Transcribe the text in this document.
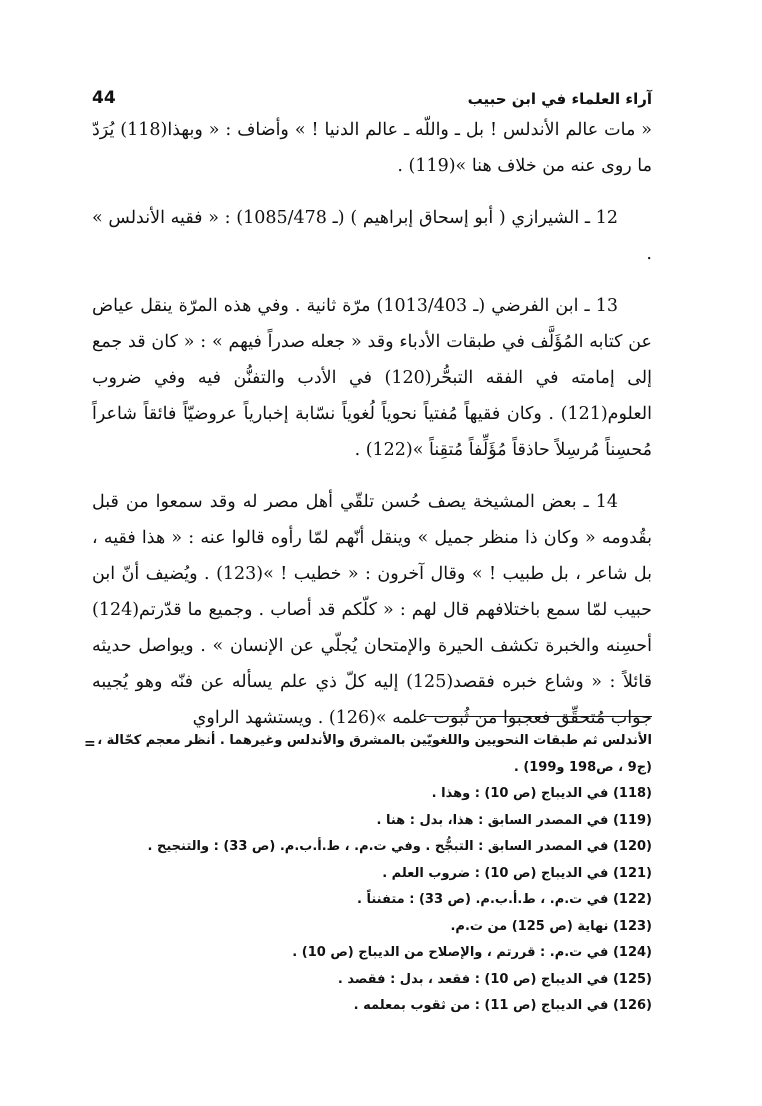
آراء العلماء في ابن حبيب
44

« مات عالم الأندلس ! بل ـ واللّه ـ عالم الدنيا ! » وأضاف : « وبهذا(118) يُرَدّ ما روى عنه من خلاف هنا »(119) .

12 ـ الشيرازي ( أبو إسحاق إبراهيم ) (ـ 1085/478) : « فقيه الأندلس » .

13 ـ ابن الفرضي (ـ 1013/403) مرّة ثانية . وفي هذه المرّة ينقل عياض عن كتابه المُؤَلَّف في طبقات الأدباء وقد « جعله صدراً فيهم » : « كان قد جمع إلى إمامته في الفقه التبحُّر(120) في الأدب والتفنُّن فيه وفي ضروب العلوم(121) . وكان فقيهاً مُفتياً نحوياً لُغوياً نسّابة إخبارياً عروضيّاً فائقاً شاعراً مُحسِناً مُرسِلاً حاذقاً مُؤَلِّفاً مُتقِناً »(122) .

14 ـ بعض المشيخة يصف حُسن تلقّي أهل مصر له وقد سمعوا من قبل بقُدومه « وكان ذا منظر جميل » وينقل أنّهم لمّا رأوه قالوا عنه : « هذا فقيه ، بل شاعر ، بل طبيب ! » وقال آخرون : « خطيب ! »(123) . ويُضيف أنّ ابن حبيب لمّا سمع باختلافهم قال لهم : « كلّكم قد أصاب . وجميع ما قدّرتم(124) أحسِنه والخبرة تكشف الحيرة والإمتحان يُجلّي عن الإنسان » . ويواصل حديثه قائلاً : « وشاع خبره فقصد(125) إليه كلّ ذي علم يسأله عن فنّه وهو يُجيبه جواب مُتحقِّق فعجبوا من ثُبوت علمه »(126) . ويستشهد الراوي

= الأندلس ثم طبقات النحويين واللغويّين بالمشرق والأندلس وغيرهما . أنظر معجم كحّالة ،
(ج9 ، ص198 و199) .
(118) في الديباج (ص 10) : وهذا .
(119) في المصدر السابق : هذا، بدل : هنا .
(120) في المصدر السابق : التبجُّح . وفي ت.م. ، ط.أ.ب.م. (ص 33) : والتنجيح .
(121) في الديباج (ص 10) : ضروب العلم .
(122) في ت.م. ، ط.أ.ب.م. (ص 33) : متفنناً .
(123) نهاية (ص 125) من ت.م.
(124) في ت.م. : قررتم ، والإصلاح من الديباج (ص 10) .
(125) في الديباج (ص 10) : فقعد ، بدل : فقصد .
(126) في الديباج (ص 11) : من ثقوب بمعلمه .
